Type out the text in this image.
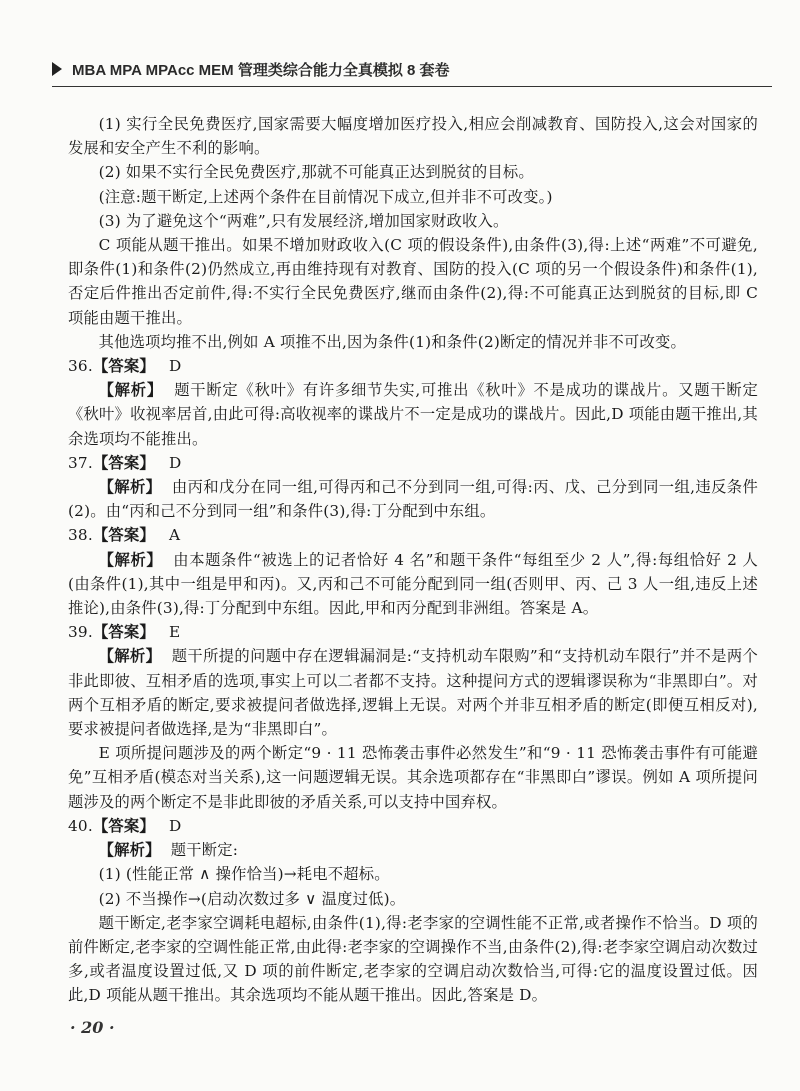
MBA MPA MPAcc MEM 管理类综合能力全真模拟 8 套卷

(1) 实行全民免费医疗,国家需要大幅度增加医疗投入,相应会削减教育、国防投入,这会对国家的发展和安全产生不利的影响。

(2) 如果不实行全民免费医疗,那就不可能真正达到脱贫的目标。

(注意:题干断定,上述两个条件在目前情况下成立,但并非不可改变。)

(3) 为了避免这个“两难”,只有发展经济,增加国家财政收入。

C 项能从题干推出。如果不增加财政收入(C 项的假设条件),由条件(3),得:上述“两难”不可避免,即条件(1)和条件(2)仍然成立,再由维持现有对教育、国防的投入(C 项的另一个假设条件)和条件(1),否定后件推出否定前件,得:不实行全民免费医疗,继而由条件(2),得:不可能真正达到脱贫的目标,即 C 项能由题干推出。

其他选项均推不出,例如 A 项推不出,因为条件(1)和条件(2)断定的情况并非不可改变。

36.【答案】 D

【解析】 题干断定《秋叶》有许多细节失实,可推出《秋叶》不是成功的谍战片。又题干断定《秋叶》收视率居首,由此可得:高收视率的谍战片不一定是成功的谍战片。因此,D 项能由题干推出,其余选项均不能推出。

37.【答案】 D

【解析】 由丙和戊分在同一组,可得丙和己不分到同一组,可得:丙、戊、己分到同一组,违反条件(2)。由“丙和己不分到同一组”和条件(3),得:丁分配到中东组。

38.【答案】 A

【解析】 由本题条件“被选上的记者恰好 4 名”和题干条件“每组至少 2 人”,得:每组恰好 2 人(由条件(1),其中一组是甲和丙)。又,丙和己不可能分配到同一组(否则甲、丙、己 3 人一组,违反上述推论),由条件(3),得:丁分配到中东组。因此,甲和丙分配到非洲组。答案是 A。

39.【答案】 E

【解析】 题干所提的问题中存在逻辑漏洞是:“支持机动车限购”和“支持机动车限行”并不是两个非此即彼、互相矛盾的选项,事实上可以二者都不支持。这种提问方式的逻辑谬误称为“非黑即白”。对两个互相矛盾的断定,要求被提问者做选择,逻辑上无误。对两个并非互相矛盾的断定(即便互相反对),要求被提问者做选择,是为“非黑即白”。

E 项所提问题涉及的两个断定“9 · 11 恐怖袭击事件必然发生”和“9 · 11 恐怖袭击事件有可能避免”互相矛盾(模态对当关系),这一问题逻辑无误。其余选项都存在“非黑即白”谬误。例如 A 项所提问题涉及的两个断定不是非此即彼的矛盾关系,可以支持中国弃权。

40.【答案】 D

【解析】 题干断定:

(1) (性能正常 ∧ 操作恰当)→耗电不超标。

(2) 不当操作→(启动次数过多 ∨ 温度过低)。

题干断定,老李家空调耗电超标,由条件(1),得:老李家的空调性能不正常,或者操作不恰当。D 项的前件断定,老李家的空调性能正常,由此得:老李家的空调操作不当,由条件(2),得:老李家空调启动次数过多,或者温度设置过低,又 D 项的前件断定,老李家的空调启动次数恰当,可得:它的温度设置过低。因此,D 项能从题干推出。其余选项均不能从题干推出。因此,答案是 D。

· 20 ·
